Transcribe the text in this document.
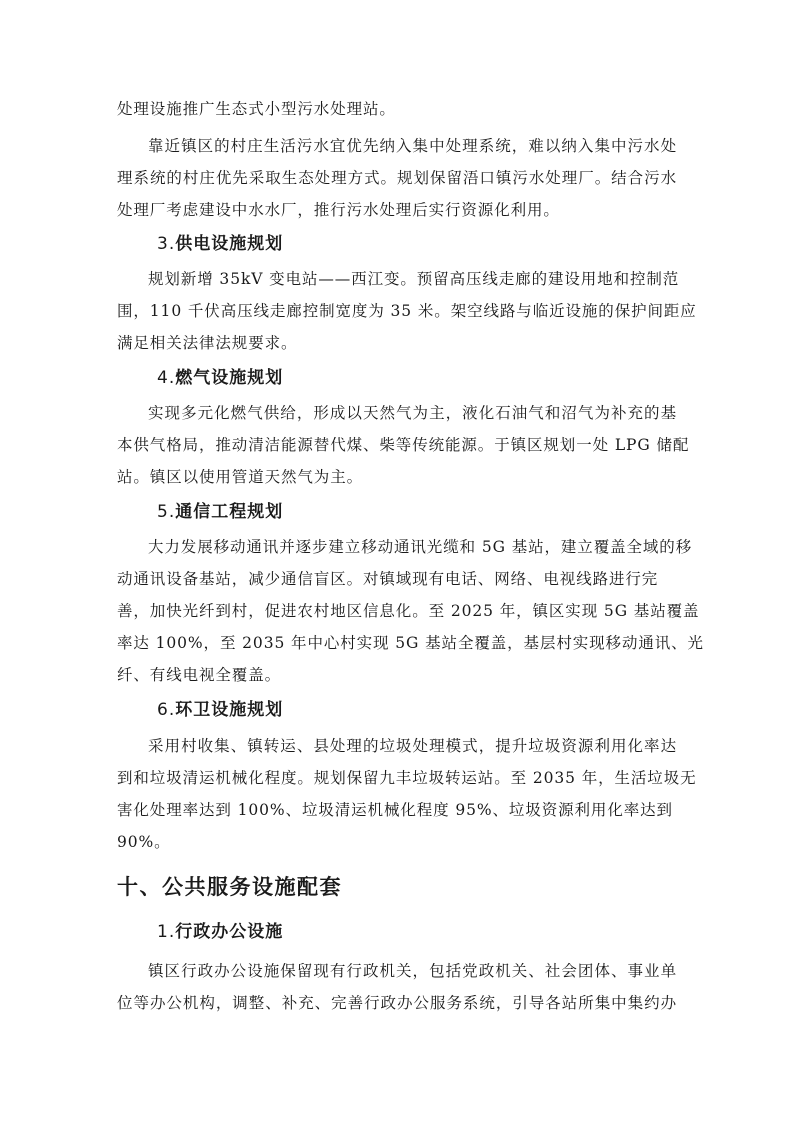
处理设施推广生态式小型污水处理站。
靠近镇区的村庄生活污水宜优先纳入集中处理系统，难以纳入集中污水处
理系统的村庄优先采取生态处理方式。规划保留浯口镇污水处理厂。结合污水
处理厂考虑建设中水水厂，推行污水处理后实行资源化利用。
3.供电设施规划
规划新增 35kV 变电站——西江变。预留高压线走廊的建设用地和控制范
围，110 千伏高压线走廊控制宽度为 35 米。架空线路与临近设施的保护间距应
满足相关法律法规要求。
4.燃气设施规划
实现多元化燃气供给，形成以天然气为主，液化石油气和沼气为补充的基
本供气格局，推动清洁能源替代煤、柴等传统能源。于镇区规划一处 LPG 储配
站。镇区以使用管道天然气为主。
5.通信工程规划
大力发展移动通讯并逐步建立移动通讯光缆和 5G 基站，建立覆盖全域的移
动通讯设备基站，减少通信盲区。对镇域现有电话、网络、电视线路进行完
善，加快光纤到村，促进农村地区信息化。至 2025 年，镇区实现 5G 基站覆盖
率达 100%，至 2035 年中心村实现 5G 基站全覆盖，基层村实现移动通讯、光
纤、有线电视全覆盖。
6.环卫设施规划
采用村收集、镇转运、县处理的垃圾处理模式，提升垃圾资源利用化率达
到和垃圾清运机械化程度。规划保留九丰垃圾转运站。至 2035 年，生活垃圾无
害化处理率达到 100%、垃圾清运机械化程度 95%、垃圾资源利用化率达到
90%。
十、公共服务设施配套
1.行政办公设施
镇区行政办公设施保留现有行政机关，包括党政机关、社会团体、事业单
位等办公机构，调整、补充、完善行政办公服务系统，引导各站所集中集约办
